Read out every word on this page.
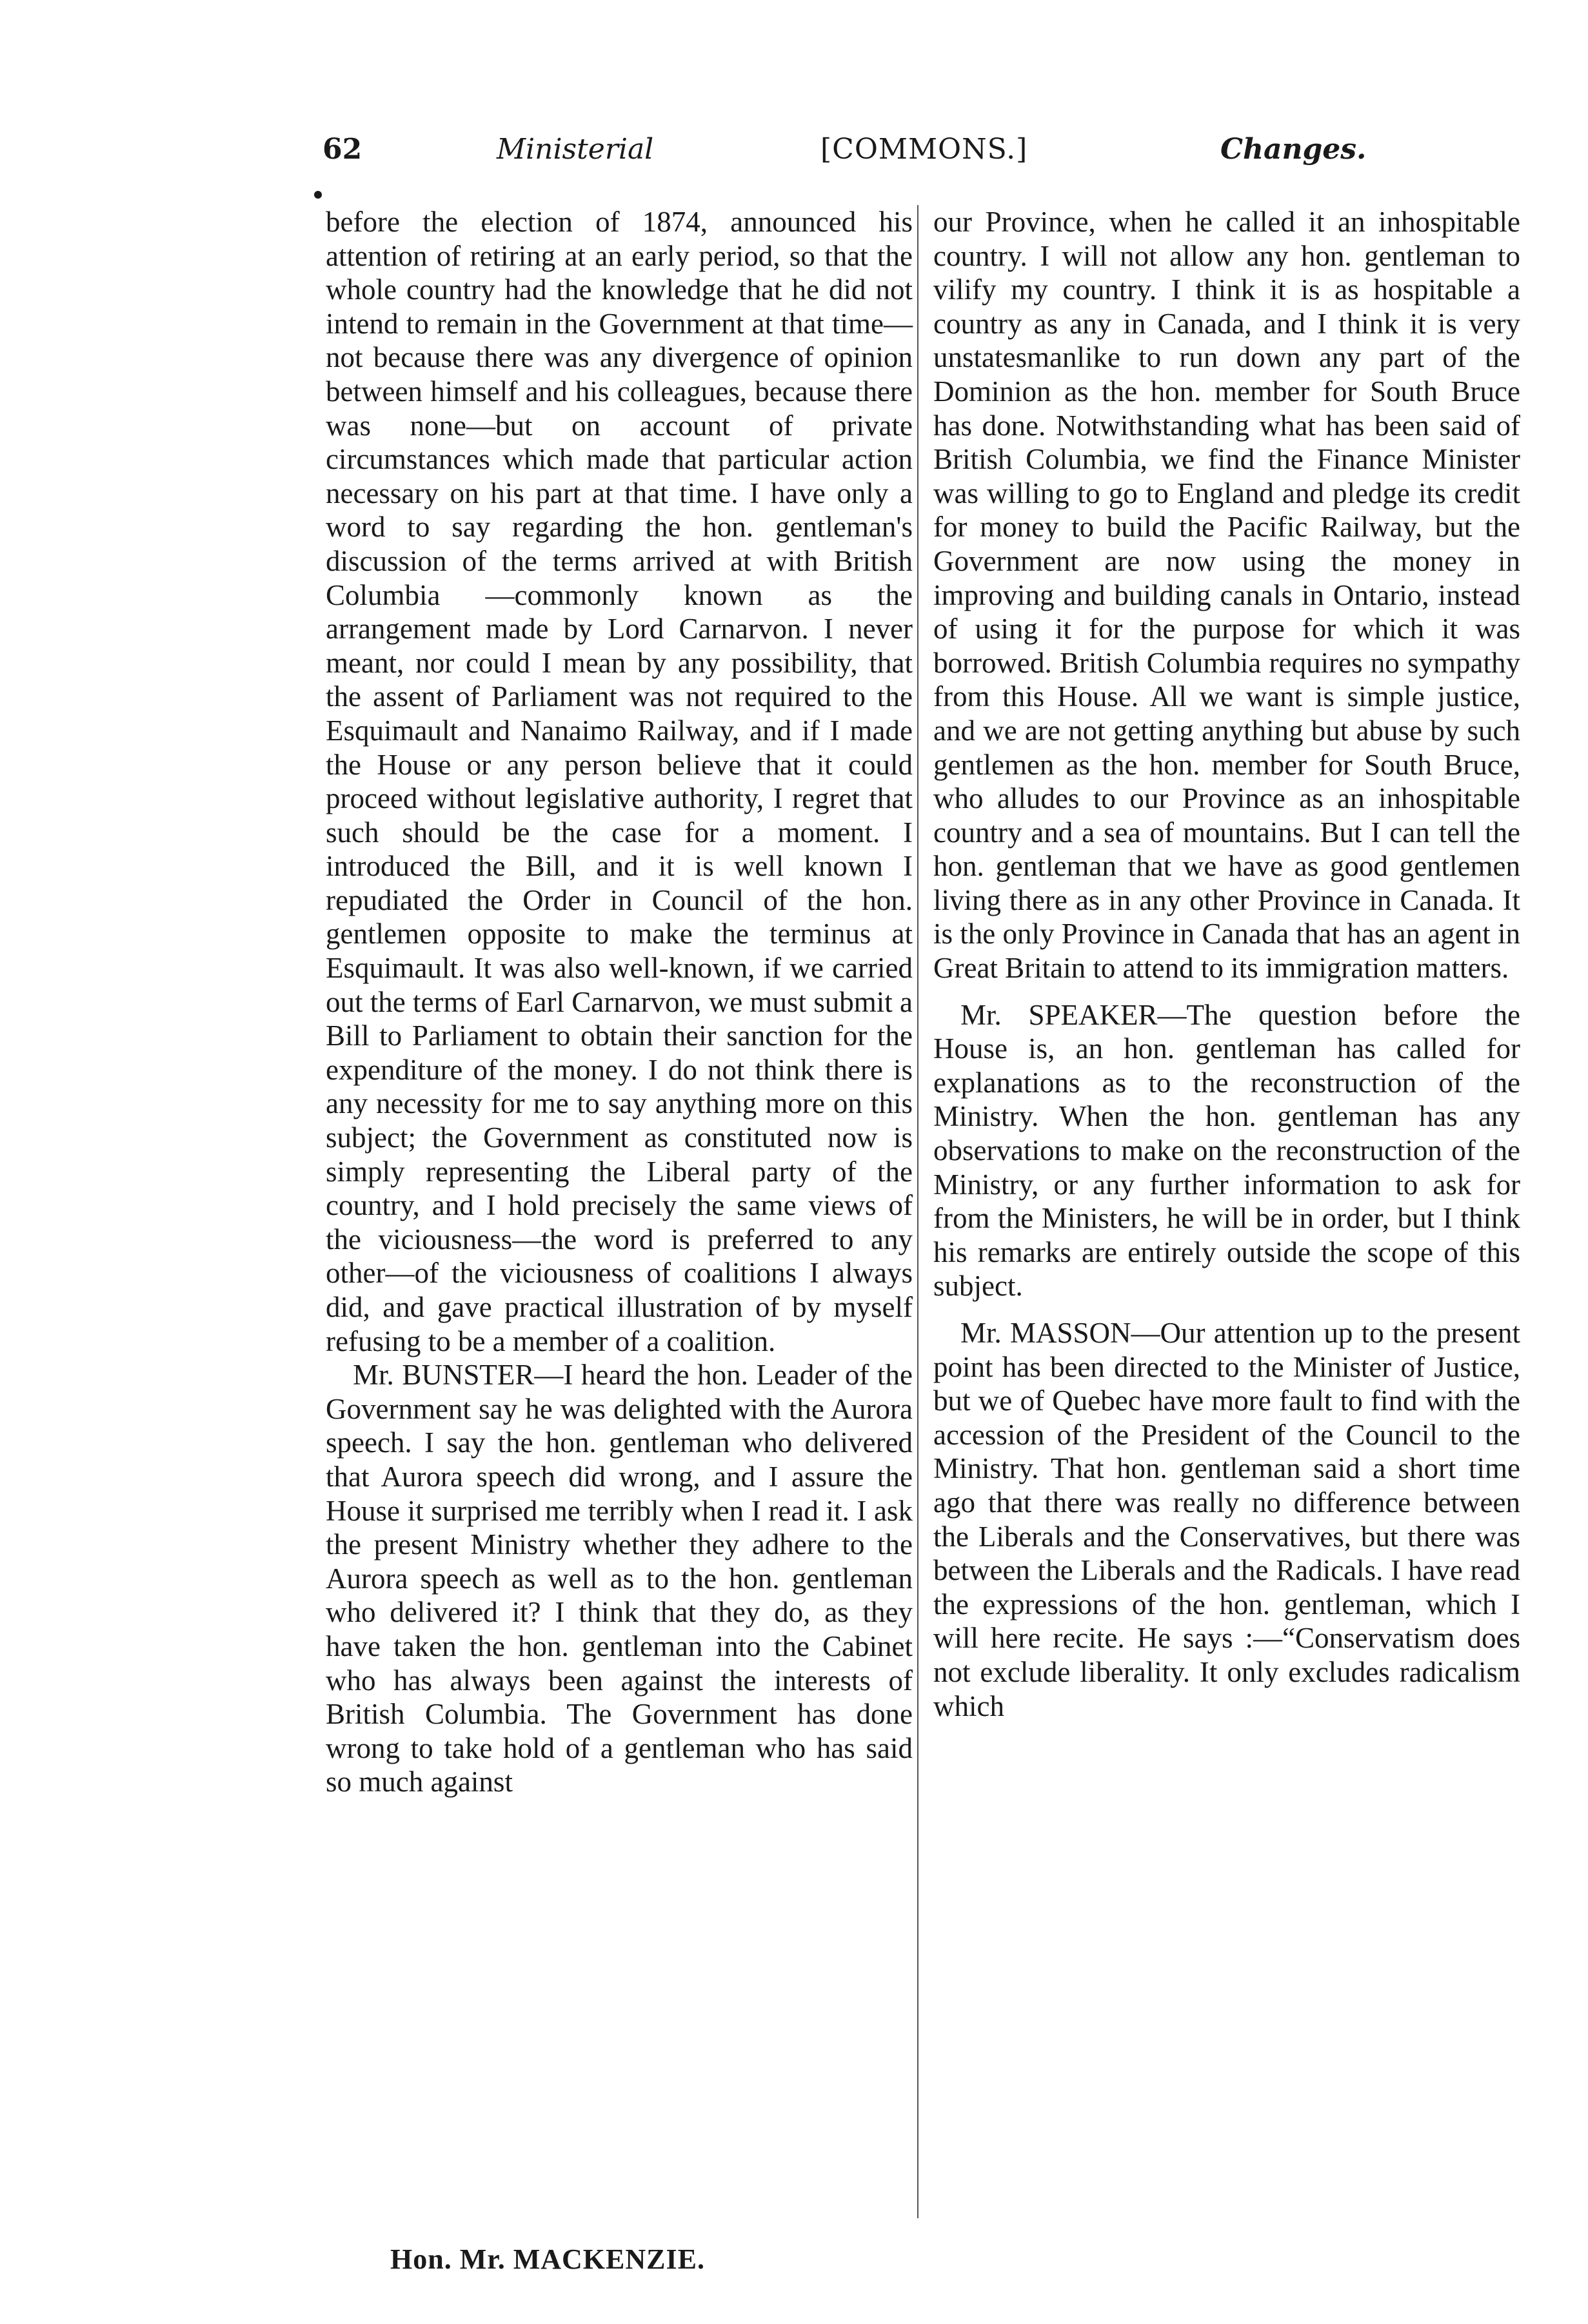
62	Ministerial	[COMMONS.]	Changes.

before the election of 1874, announced his attention of retiring at an early period, so that the whole country had the knowledge that he did not intend to remain in the Government at that time—not because there was any divergence of opinion between himself and his colleagues, because there was none—but on account of private circumstances which made that particular action necessary on his part at that time. I have only a word to say regarding the hon. gentleman's discussion of the terms arrived at with British Columbia —commonly known as the arrangement made by Lord Carnarvon. I never meant, nor could I mean by any possibility, that the assent of Parliament was not required to the Esquimault and Nanaimo Railway, and if I made the House or any person believe that it could proceed without legislative authority, I regret that such should be the case for a moment. I introduced the Bill, and it is well known I repudiated the Order in Council of the hon. gentlemen opposite to make the terminus at Esquimault. It was also well-known, if we carried out the terms of Earl Carnarvon, we must submit a Bill to Parliament to obtain their sanction for the expenditure of the money. I do not think there is any necessity for me to say anything more on this subject; the Government as constituted now is simply representing the Liberal party of the country, and I hold precisely the same views of the viciousness—the word is preferred to any other—of the viciousness of coalitions I always did, and gave practical illustration of by myself refusing to be a member of a coalition.

Mr. BUNSTER—I heard the hon. Leader of the Government say he was delighted with the Aurora speech. I say the hon. gentleman who delivered that Aurora speech did wrong, and I assure the House it surprised me terribly when I read it. I ask the present Ministry whether they adhere to the Aurora speech as well as to the hon. gentleman who delivered it? I think that they do, as they have taken the hon. gentleman into the Cabinet who has always been against the interests of British Columbia. The Government has done wrong to take hold of a gentleman who has said so much against

our Province, when he called it an inhospitable country. I will not allow any hon. gentleman to vilify my country. I think it is as hospitable a country as any in Canada, and I think it is very unstatesmanlike to run down any part of the Dominion as the hon. member for South Bruce has done. Notwithstanding what has been said of British Columbia, we find the Finance Minister was willing to go to England and pledge its credit for money to build the Pacific Railway, but the Government are now using the money in improving and building canals in Ontario, instead of using it for the purpose for which it was borrowed. British Columbia requires no sympathy from this House. All we want is simple justice, and we are not getting anything but abuse by such gentlemen as the hon. member for South Bruce, who alludes to our Province as an inhospitable country and a sea of mountains. But I can tell the hon. gentleman that we have as good gentlemen living there as in any other Province in Canada. It is the only Province in Canada that has an agent in Great Britain to attend to its immigration matters.

Mr. SPEAKER—The question before the House is, an hon. gentleman has called for explanations as to the reconstruction of the Ministry. When the hon. gentleman has any observations to make on the reconstruction of the Ministry, or any further information to ask for from the Ministers, he will be in order, but I think his remarks are entirely outside the scope of this subject.

Mr. MASSON—Our attention up to the present point has been directed to the Minister of Justice, but we of Quebec have more fault to find with the accession of the President of the Council to the Ministry. That hon. gentleman said a short time ago that there was really no difference between the Liberals and the Conservatives, but there was between the Liberals and the Radicals. I have read the expressions of the hon. gentleman, which I will here recite. He says :—“Conservatism does not exclude liberality. It only excludes radicalism which

Hon. Mr. MACKENZIE.
